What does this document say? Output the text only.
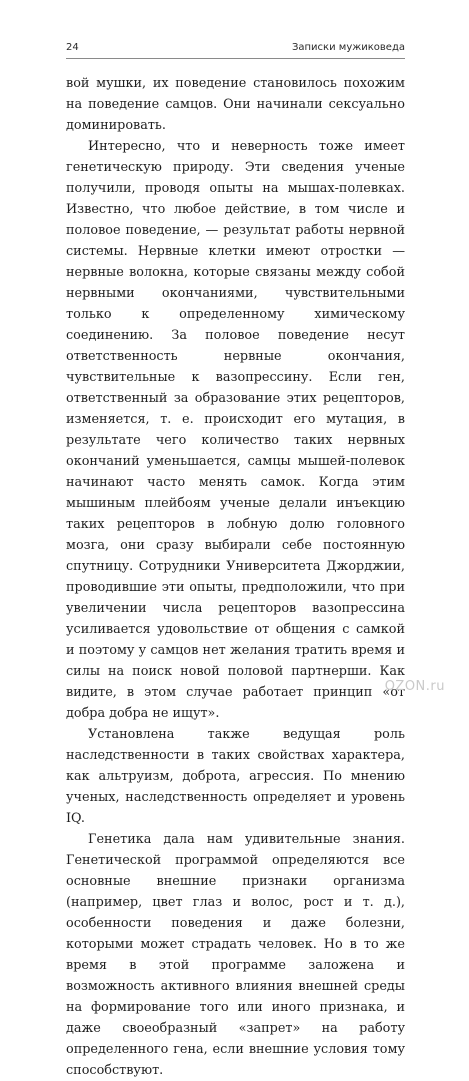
24	Записки мужиковеда

вой мушки, их поведение становилось похожим на поведение самцов. Они начинали сексуально доминировать.

Интересно, что и неверность тоже имеет генетическую природу. Эти сведения ученые получили, проводя опыты на мышах-полевках. Известно, что любое действие, в том числе и половое поведение, — результат работы нервной системы. Нервные клетки имеют отростки — нервные волокна, которые связаны между собой нервными окончаниями, чувствительными только к определенному химическому соединению. За половое поведение несут ответственность нервные окончания, чувствительные к вазопрессину. Если ген, ответственный за образование этих рецепторов, изменяется, т. е. происходит его мутация, в результате чего количество таких нервных окончаний уменьшается, самцы мышей-полевок начинают часто менять самок. Когда этим мышиным плейбоям ученые делали инъекцию таких рецепторов в лобную долю головного мозга, они сразу выбирали себе постоянную спутницу. Сотрудники Университета Джорджии, проводившие эти опыты, предположили, что при увеличении числа рецепторов вазопрессина усиливается удовольствие от общения с самкой и поэтому у самцов нет желания тратить время и силы на поиск новой половой партнерши. Как видите, в этом случае работает принцип «от добра добра не ищут».

Установлена также ведущая роль наследственности в таких свойствах характера, как альтруизм, доброта, агрессия. По мнению ученых, наследственность определяет и уровень IQ.

Генетика дала нам удивительные знания. Генетической программой определяются все основные внешние признаки организма (например, цвет глаз и волос, рост и т. д.), особенности поведения и даже болезни, которыми может страдать человек. Но в то же время в этой программе заложена и возможность активного влияния внешней среды на формирование того или иного признака, и даже своеобразный «запрет» на работу определенного гена, если внешние условия тому способствуют.

OZON.ru
